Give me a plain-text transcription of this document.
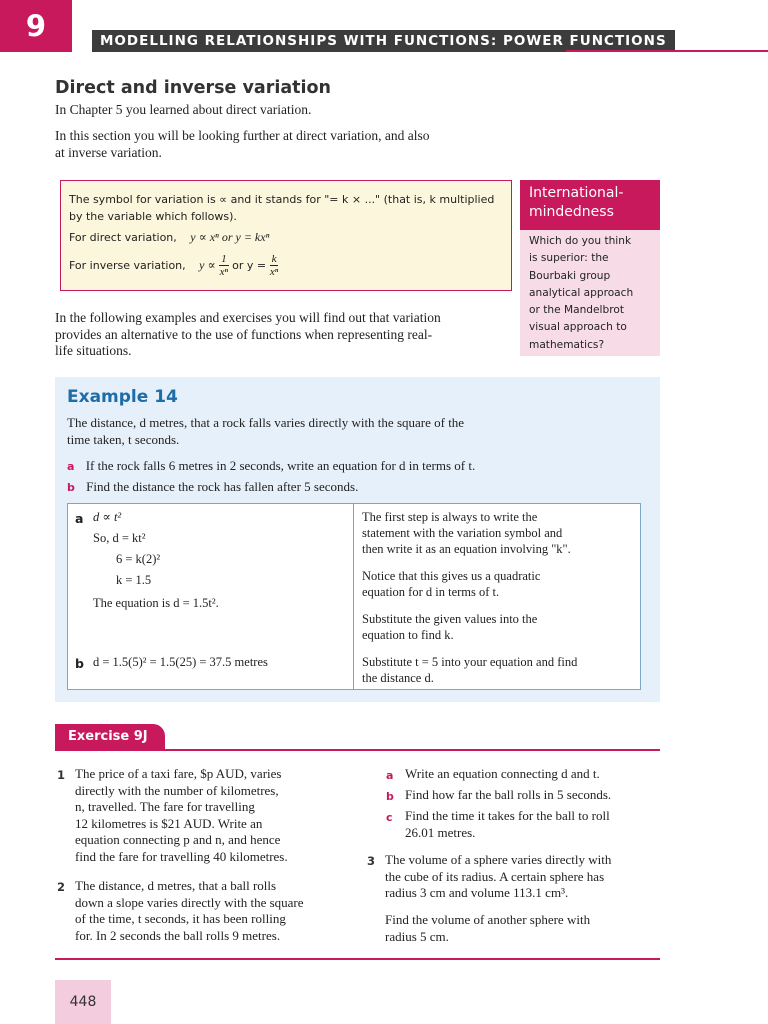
9	MODELLING RELATIONSHIPS WITH FUNCTIONS: POWER FUNCTIONS
Direct and inverse variation
In Chapter 5 you learned about direct variation.
In this section you will be looking further at direct variation, and also
at inverse variation.
The symbol for variation is ∝ and it stands for "= k × ..." (that is, k multiplied
by the variable which follows).
For direct variation, y ∝ xⁿ or y = kxⁿ
For inverse variation, $y \propto \frac{1}{\text{xⁿ}}$ or $y = \frac{k}{\text{xⁿ}}$
International-
mindedness
Which do you think
is superior: the
Bourbaki group
analytical approach
or the Mandelbrot
visual approach to
mathematics?
In the following examples and exercises you will find out that variation
provides an alternative to the use of functions when representing real-
life situations.
Example 14
The distance, d metres, that a rock falls varies directly with the square of the
time taken, t seconds.
a If the rock falls 6 metres in 2 seconds, write an equation for d in terms of t.
b Find the distance the rock has fallen after 5 seconds.
a d ∝ t²
So, d = kt²
6 = k(2)²
k = 1.5
The equation is d = 1.5t².
b d = 1.5(5)² = 1.5(25) = 37.5 metres
The first step is always to write the
statement with the variation symbol and
then write it as an equation involving "k".
Notice that this gives us a quadratic
equation for d in terms of t.
Substitute the given values into the
equation to find k.
Substitute t = 5 into your equation and find
the distance d.
Exercise 9J
1 The price of a taxi fare, $p AUD, varies
directly with the number of kilometres,
n, travelled. The fare for travelling
12 kilometres is $21 AUD. Write an
equation connecting p and n, and hence
find the fare for travelling 40 kilometres.
2 The distance, d metres, that a ball rolls
down a slope varies directly with the square
of the time, t seconds, it has been rolling
for. In 2 seconds the ball rolls 9 metres.
a Write an equation connecting d and t.
b Find how far the ball rolls in 5 seconds.
c Find the time it takes for the ball to roll
26.01 metres.
3 The volume of a sphere varies directly with
the cube of its radius. A certain sphere has
radius 3 cm and volume 113.1 cm³.
Find the volume of another sphere with
radius 5 cm.
448
